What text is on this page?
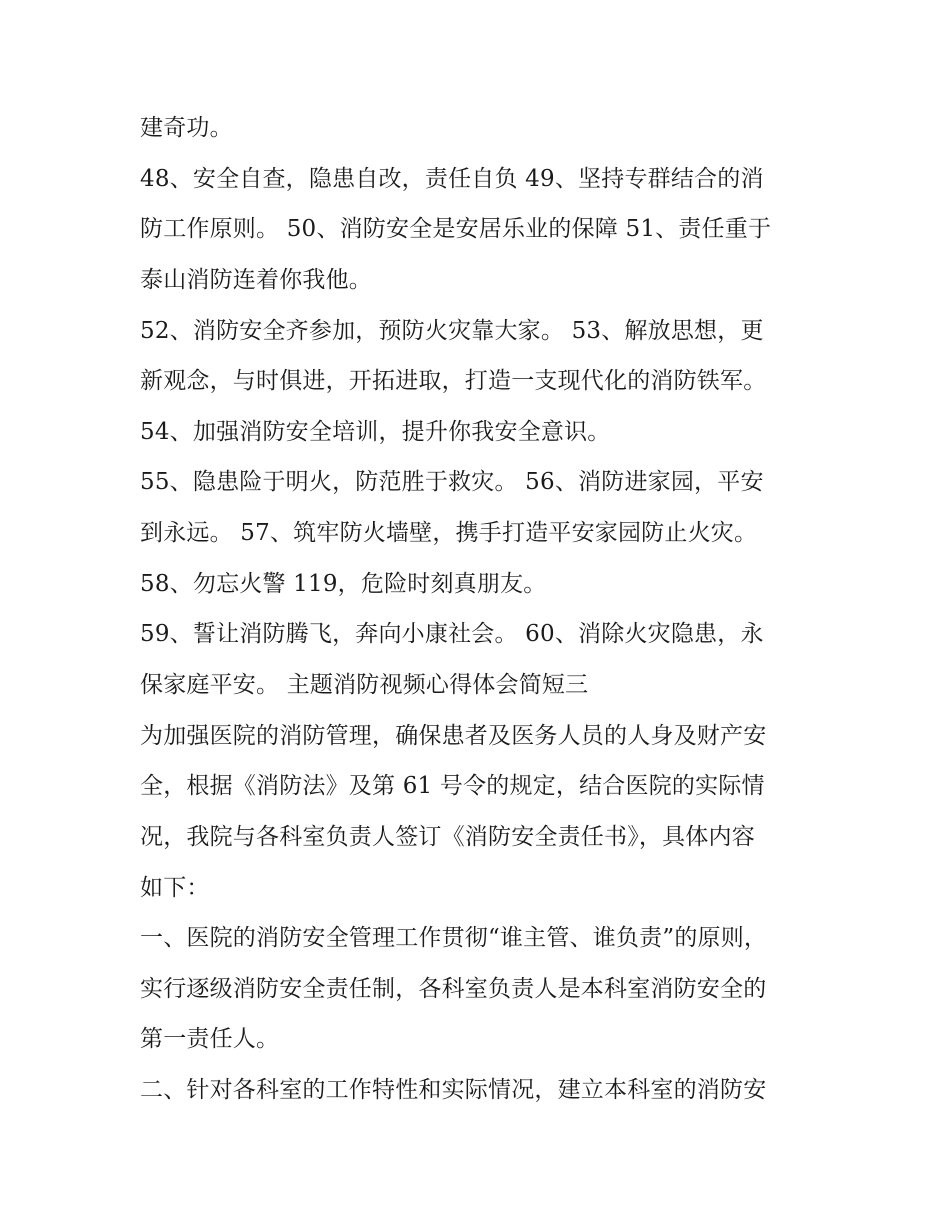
建奇功。
48、安全自查，隐患自改，责任自负 49、坚持专群结合的消
防工作原则。 50、消防安全是安居乐业的保障 51、责任重于
泰山消防连着你我他。
52、消防安全齐参加，预防火灾靠大家。 53、解放思想，更
新观念，与时俱进，开拓进取，打造一支现代化的消防铁军。
54、加强消防安全培训，提升你我安全意识。
55、隐患险于明火，防范胜于救灾。 56、消防进家园，平安
到永远。 57、筑牢防火墙壁，携手打造平安家园防止火灾。
58、勿忘火警 119，危险时刻真朋友。
59、誓让消防腾飞，奔向小康社会。 60、消除火灾隐患，永
保家庭平安。 主题消防视频心得体会简短三
为加强医院的消防管理，确保患者及医务人员的人身及财产安
全，根据《消防法》及第 61 号令的规定，结合医院的实际情
况，我院与各科室负责人签订《消防安全责任书》，具体内容
如下：
一、医院的消防安全管理工作贯彻“谁主管、谁负责”的原则，
实行逐级消防安全责任制，各科室负责人是本科室消防安全的
第一责任人。
二、针对各科室的工作特性和实际情况，建立本科室的消防安
